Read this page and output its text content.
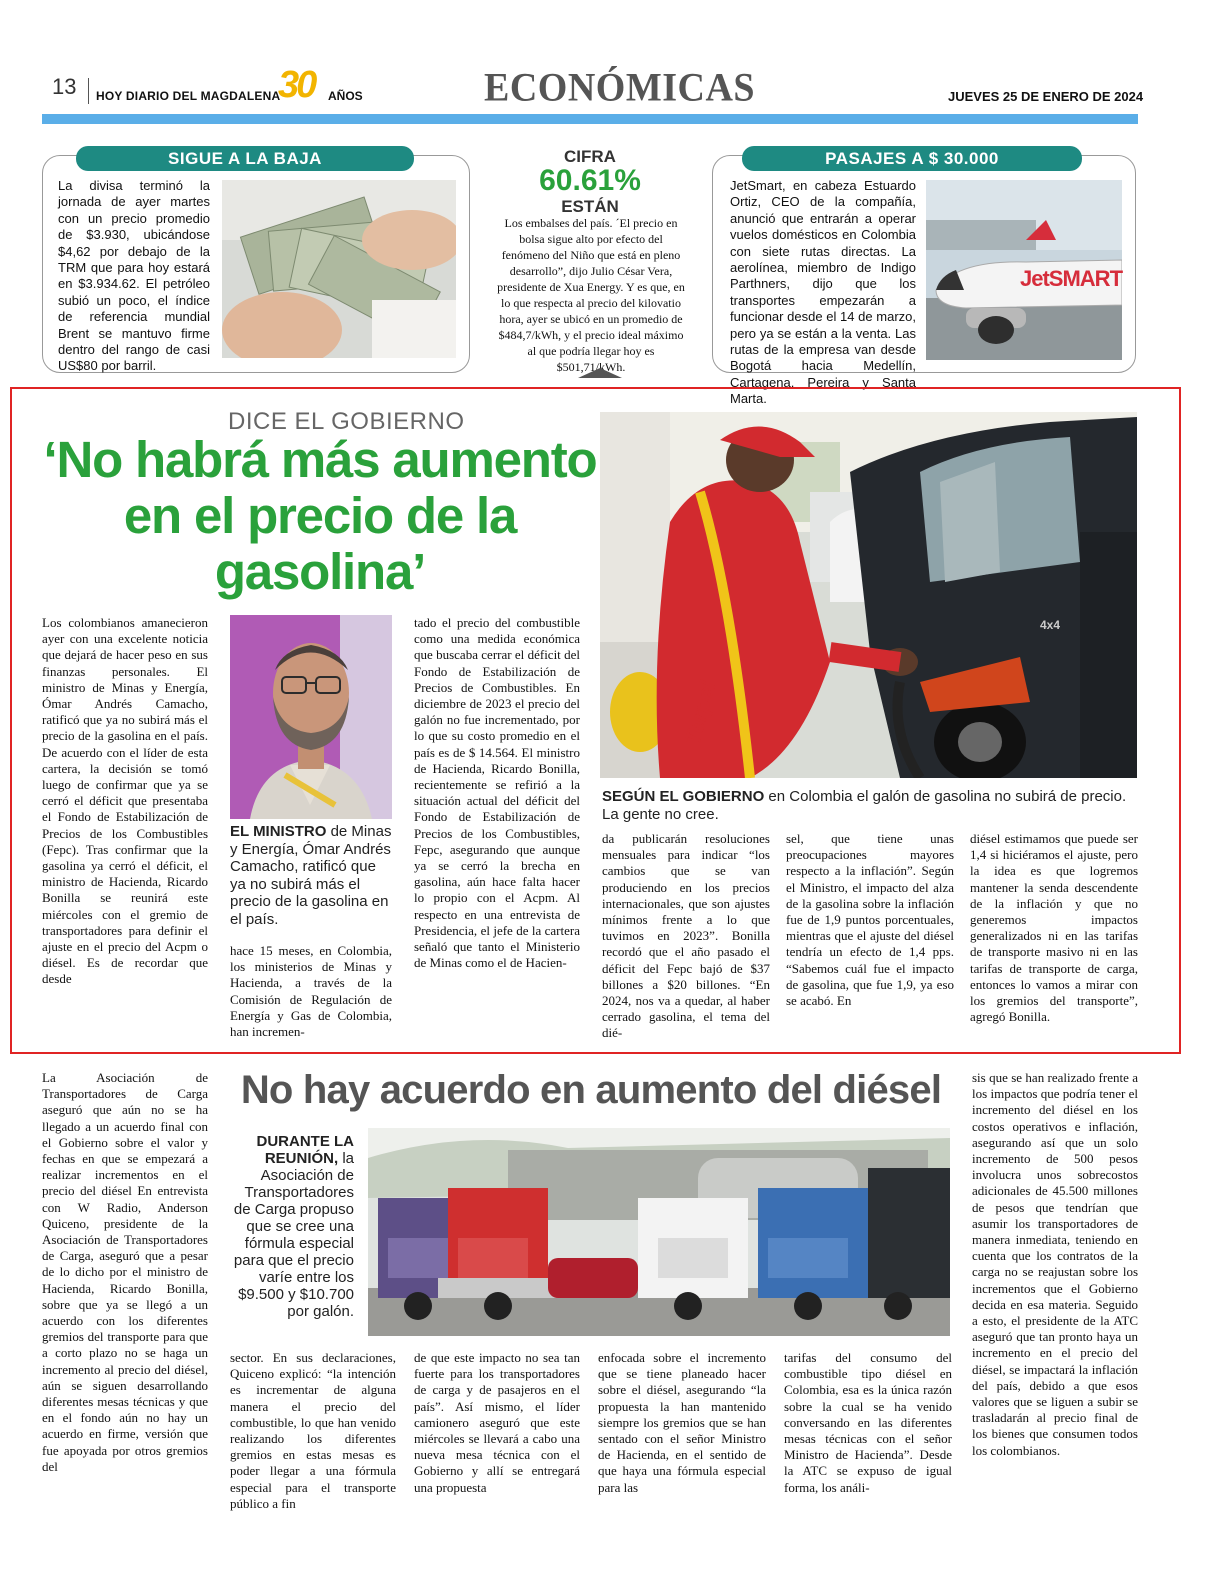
13 HOY DIARIO DEL MAGDALENA
30 AÑOS	ECONÓMICAS	JUEVES 25 DE ENERO DE 2024
SIGUE A LA BAJA
La divisa terminó la jornada de ayer martes con un precio promedio de $3.930, ubicándose $4,62 por debajo de la TRM que para hoy estará en $3.934.62. El petróleo subió un poco, el índice de referencia mundial Brent se mantuvo firme dentro del rango de casi US$80 por barril.
CIFRA
60.61%
ESTÁN
Los embalses del país. ´El precio en bolsa sigue alto por efecto del fenómeno del Niño que está en pleno desarrollo”, dijo Julio César Vera, presidente de Xua Energy. Y es que, en lo que respecta al precio del kilovatio hora, ayer se ubicó en un promedio de $484,7/kWh, y el precio ideal máximo al que podría llegar hoy es $501,71/kWh.
PASAJES A $ 30.000
JetSmart, en cabeza Estuardo Ortiz, CEO de la compañía, anunció que entrarán a operar vuelos domésticos en Colombia con siete rutas directas. La aerolínea, miembro de Indigo Parthners, dijo que los transportes empezarán a funcionar desde el 14 de marzo, pero ya se están a la venta. Las rutas de la empresa van desde Bogotá hacia Medellín, Cartagena, Pereira y Santa Marta.
JetSMART
DICE EL GOBIERNO
‘No habrá más aumento en el precio de la gasolina’
Los colombianos amanecieron ayer con una excelente noticia que dejará de hacer peso en sus finanzas personales. El ministro de Minas y Energía, Ómar Andrés Camacho, ratificó que ya no subirá más el precio de la gasolina en el país. De acuerdo con el líder de esta cartera, la decisión se tomó luego de confirmar que ya se cerró el déficit que presentaba el Fondo de Estabilización de Precios de los Combustibles (Fepc). Tras confirmar que la gasolina ya cerró el déficit, el ministro de Hacienda, Ricardo Bonilla se reunirá este miércoles con el gremio de transportadores para definir el ajuste en el precio del Acpm o diésel. Es de recordar que desde
EL MINISTRO de Minas y Energía, Ómar Andrés Camacho, ratificó que ya no subirá más el precio de la gasolina en el país.
hace 15 meses, en Colombia, los ministerios de Minas y Hacienda, a través de la Comisión de Regulación de Energía y Gas de Colombia, han incremen-
tado el precio del combustible como una medida económica que buscaba cerrar el déficit del Fondo de Estabilización de Precios de Combustibles. En diciembre de 2023 el precio del galón no fue incrementado, por lo que su costo promedio en el país es de $ 14.564. El ministro de Hacienda, Ricardo Bonilla, recientemente se refirió a la situación actual del déficit del Fondo de Estabilización de Precios de los Combustibles, Fepc, asegurando que aunque ya se cerró la brecha en gasolina, aún hace falta hacer lo propio con el Acpm. Al respecto en una entrevista de Presidencia, el jefe de la cartera señaló que tanto el Ministerio de Minas como el de Hacien-
Terpel
4x4
SEGÚN EL GOBIERNO en Colombia el galón de gasolina no subirá de precio. La gente no cree.
da publicarán resoluciones mensuales para indicar “los cambios que se van produciendo en los precios internacionales, que son ajustes mínimos frente a lo que tuvimos en 2023”. Bonilla recordó que el año pasado el déficit del Fepc bajó de $37 billones a $20 billones. “En 2024, nos va a quedar, al haber cerrado gasolina, el tema del dié-
sel, que tiene unas preocupaciones mayores respecto a la inflación”. Según el Ministro, el impacto del alza de la gasolina sobre la inflación fue de 1,9 puntos porcentuales, mientras que el ajuste del diésel tendría un efecto de 1,4 pps. “Sabemos cuál fue el impacto de gasolina, que fue 1,9, ya eso se acabó. En
diésel estimamos que puede ser 1,4 si hiciéramos el ajuste, pero la idea es que logremos mantener la senda descendente de la inflación y que no generemos impactos generalizados ni en las tarifas de transporte masivo ni en las tarifas de transporte de carga, entonces lo vamos a mirar con los gremios del transporte”, agregó Bonilla.
La Asociación de Transportadores de Carga aseguró que aún no se ha llegado a un acuerdo final con el Gobierno sobre el valor y fechas en que se empezará a realizar incrementos en el precio del diésel En entrevista con W Radio, Anderson Quiceno, presidente de la Asociación de Transportadores de Carga, aseguró que a pesar de lo dicho por el ministro de Hacienda, Ricardo Bonilla, sobre que ya se llegó a un acuerdo con los diferentes gremios del transporte para que a corto plazo no se haga un incremento al precio del diésel, aún se siguen desarrollando diferentes mesas técnicas y que en el fondo aún no hay un acuerdo en firme, versión que fue apoyada por otros gremios del
No hay acuerdo en aumento del diésel
DURANTE LA REUNIÓN, la Asociación de Transportadores de Carga propuso que se cree una fórmula especial para que el precio varíe entre los $9.500 y $10.700 por galón.
sector. En sus declaraciones, Quiceno explicó: “la intención es incrementar de alguna manera el precio del combustible, lo que han venido realizando los diferentes gremios en estas mesas es poder llegar a una fórmula especial para el transporte público a fin
de que este impacto no sea tan fuerte para los transportadores de carga y de pasajeros en el país”. Así mismo, el líder camionero aseguró que este miércoles se llevará a cabo una nueva mesa técnica con el Gobierno y allí se entregará una propuesta
enfocada sobre el incremento que se tiene planeado hacer sobre el diésel, asegurando “la propuesta la han mantenido siempre los gremios que se han sentado con el señor Ministro de Hacienda, en el sentido de que haya una fórmula especial para las
tarifas del consumo del combustible tipo diésel en Colombia, esa es la única razón sobre la cual se ha venido conversando en las diferentes mesas técnicas con el señor Ministro de Hacienda”. Desde la ATC se expuso de igual forma, los análi-
sis que se han realizado frente a los impactos que podría tener el incremento del diésel en los costos operativos e inflación, asegurando así que un solo incremento de 500 pesos involucra unos sobrecostos adicionales de 45.500 millones de pesos que tendrían que asumir los transportadores de manera inmediata, teniendo en cuenta que los contratos de la carga no se reajustan sobre los incrementos que el Gobierno decida en esa materia. Seguido a esto, el presidente de la ATC aseguró que tan pronto haya un incremento en el precio del diésel, se impactará la inflación del país, debido a que esos valores que se liguen a subir se trasladarán al precio final de los bienes que consumen todos los colombianos.
